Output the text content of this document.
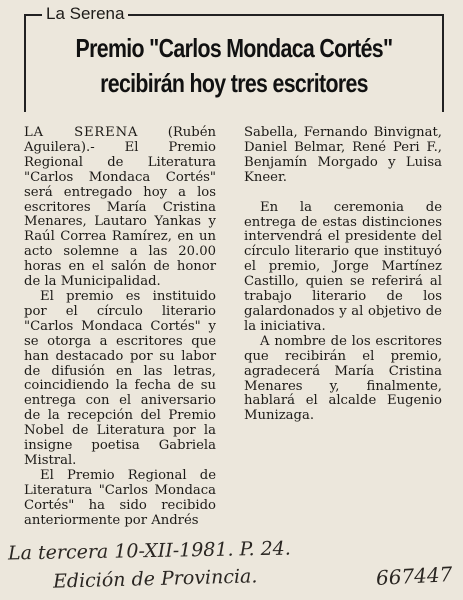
La Serena
Premio "Carlos Mondaca Cortés"
recibirán hoy tres escritores

LA SERENA (Rubén Aguilera).- El Premio Regional de Literatura "Carlos Mondaca Cortés" será entregado hoy a los escritores María Cristina Menares, Lautaro Yankas y Raúl Correa Ramírez, en un acto solemne a las 20.00 horas en el salón de honor de la Municipalidad.

El premio es instituido por el círculo literario "Carlos Mondaca Cortés" y se otorga a escritores que han destacado por su labor de difusión en las letras, coincidiendo la fecha de su entrega con el aniversario de la recepción del Premio Nobel de Literatura por la insigne poetisa Gabriela Mistral.

El Premio Regional de Literatura "Carlos Mondaca Cortés" ha sido recibido anteriormente por Andrés

Sabella, Fernando Binvignat, Daniel Belmar, René Peri F., Benjamín Morgado y Luisa Kneer.

En la ceremonia de entrega de estas distinciones intervendrá el presidente del círculo literario que instituyó el premio, Jorge Martínez Castillo, quien se referirá al trabajo literario de los galardonados y al objetivo de la iniciativa.

A nombre de los escritores que recibirán el premio, agradecerá María Cristina Menares y, finalmente, hablará el alcalde Eugenio Munizaga.

La tercera 10-XII-1981. P. 24.
Edición de Provincia.	667447
